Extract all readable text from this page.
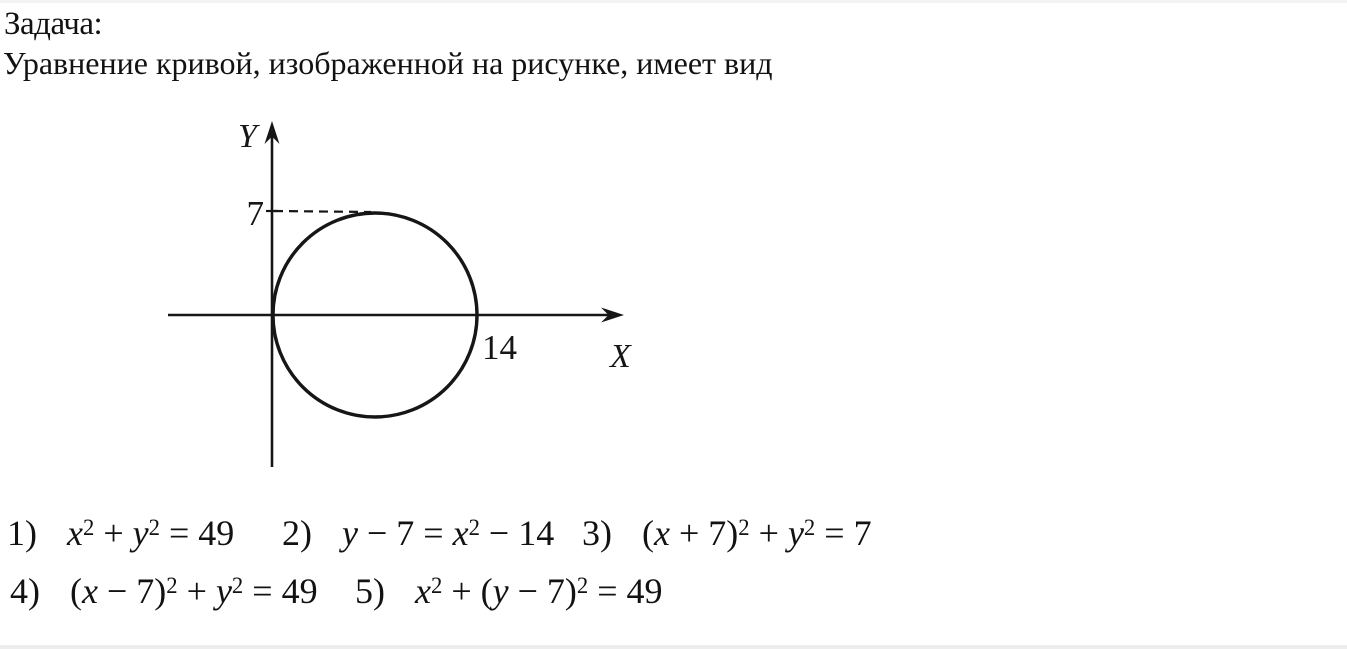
Задача:
Уравнение кривой, изображенной на рисунке, имеет вид
Y
X
7
14
1) $x^2 + y^2 = 49$ 2) $y - 7 = x^2 - 14$ 3) $(x + 7)^2 + y^2 = 7$
4) $(x - 7)^2 + y^2 = 49$ 5) $x^2 + (y - 7)^2 = 49$
